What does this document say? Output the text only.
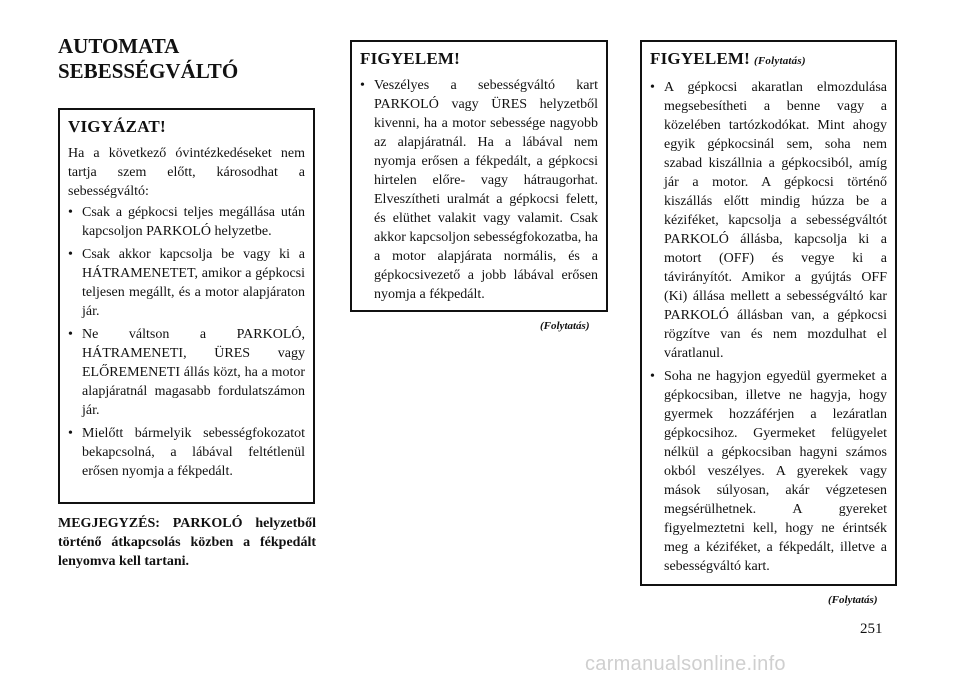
AUTOMATA SEBESSÉGVÁLTÓ
VIGYÁZAT!

Ha a következő óvintézkedéseket nem tartja szem előtt, károsodhat a sebességváltó:

• Csak a gépkocsi teljes megállása után kapcsoljon PARKOLÓ helyzetbe.
• Csak akkor kapcsolja be vagy ki a HÁTRAMENETET, amikor a gépkocsi teljesen megállt, és a motor alapjáraton jár.
• Ne váltson a PARKOLÓ, HÁTRAMENETI, ÜRES vagy ELŐREMENETI állás közt, ha a motor alapjáratnál magasabb fordulatszámon jár.
• Mielőtt bármelyik sebességfokozatot bekapcsolná, a lábával feltétlenül erősen nyomja a fékpedált.

MEGJEGYZÉS: PARKOLÓ helyzetből történő átkapcsolás közben a fékpedált lenyomva kell tartani.

FIGYELEM!
• Veszélyes a sebességváltó kart PARKOLÓ vagy ÜRES helyzetből kivenni, ha a motor sebessége nagyobb az alapjáratnál. Ha a lábával nem nyomja erősen a fékpedált, a gépkocsi hirtelen előre- vagy hátraugorhat. Elveszítheti uralmát a gépkocsi felett, és elüthet valakit vagy valamit. Csak akkor kapcsoljon sebességfokozatba, ha a motor alapjárata normális, és a gépkocsivezető a jobb lábával erősen nyomja a fékpedált.
(Folytatás)
FIGYELEM! (Folytatás)
• A gépkocsi akaratlan elmozdulása megsebesítheti a benne vagy a közelében tartózkodókat. Mint ahogy egyik gépkocsinál sem, soha nem szabad kiszállnia a gépkocsiból, amíg jár a motor. A gépkocsi történő kiszállás előtt mindig húzza be a kéziféket, kapcsolja a sebességváltót PARKOLÓ állásba, kapcsolja ki a motort (OFF) és vegye ki a távirányítót. Amikor a gyújtás OFF (Ki) állása mellett a sebességváltó kar PARKOLÓ állásban van, a gépkocsi rögzítve van és nem mozdulhat el váratlanul.
• Soha ne hagyjon egyedül gyermeket a gépkocsiban, illetve ne hagyja, hogy gyermek hozzáférjen a lezáratlan gépkocsihoz. Gyermeket felügyelet nélkül a gépkocsiban hagyni számos okból veszélyes. A gyerekek vagy mások súlyosan, akár végzetesen megsérülhetnek. A gyereket figyelmeztetni kell, hogy ne érintsék meg a kéziféket, a fékpedált, illetve a sebességváltó kart.
(Folytatás)
251
carmanualsonline.info
